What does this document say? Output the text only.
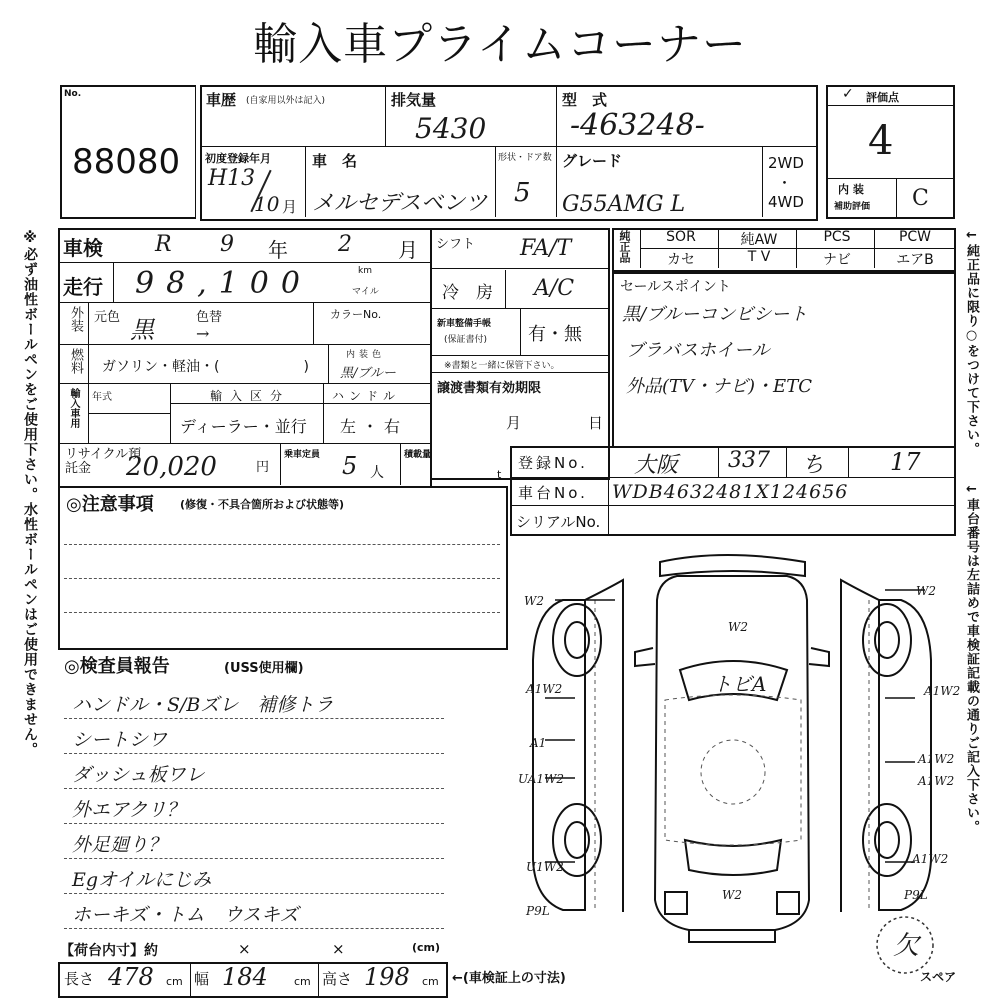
輸入車プライムコーナー
※必ず油性ボールペンをご使用下さい。水性ボールペンはご使用できません。	←純正品に限り○をつけて下さい。
←車台番号は左詰めで車検証記載の通りご記入下さい。
No.
88080
車歴 (自家用以外は記入)	排気量
5430
型　式
-463248-
初度登録年月
H13
10 月
車　名
メルセデスベンツ
形状・ドア数
5
グレード
G55AMG L
2WD
・
4WD
✓ 評価点
4
内 装
補助評価 C
車検 R 9 年 2 月
走行 98,100	km
マイル
外装 元色 黒	色替
→
カラーNo.
燃料 ガソリン・軽油・(　　　　　　)
内装色
黒/ブルー
輸入車用 年式	輸入区分
ディーラー・並行
ハンドル
左・右
リサイクル預託金	20,020	円
乗車定員 5 人
積載量
t
シフト FA/T
冷　房 A/C
新車整備手帳
(保証書付) 有・無
※書類と一緒に保管下さい。
譲渡書類有効期限
月	日
純正品	SOR	純AW	PCS	PCW
カセ	T V	ナビ	エアB
セールスポイント
黒/ブルーコンビシート
ブラバスホイール
外品(TV・ナビ)・ETC
登録No. 大阪 337 ち	17
車台No. WDB4632481X124656
シリアルNo.
◎注意事項 (修復・不具合箇所および状態等)
◎検査員報告	(USS使用欄)
ハンドル・S/Bズレ　補修トラ
シートシワ
ダッシュ板ワレ
外エアクリ？
外足廻り？
Egオイルにじみ
ホーキズ・トム　ウスキズ
【荷台内寸】約	×	×	(cm)
長さ 478 cm 幅 184 cm 高さ 198 cm ←(車検証上の寸法)
W2
W2
W2
トビA
A1W2	A1W2
A1
A1W2
UA1W2	A1W2
U1W2
A1W2
W2
P9L
P9L
欠
スペア
